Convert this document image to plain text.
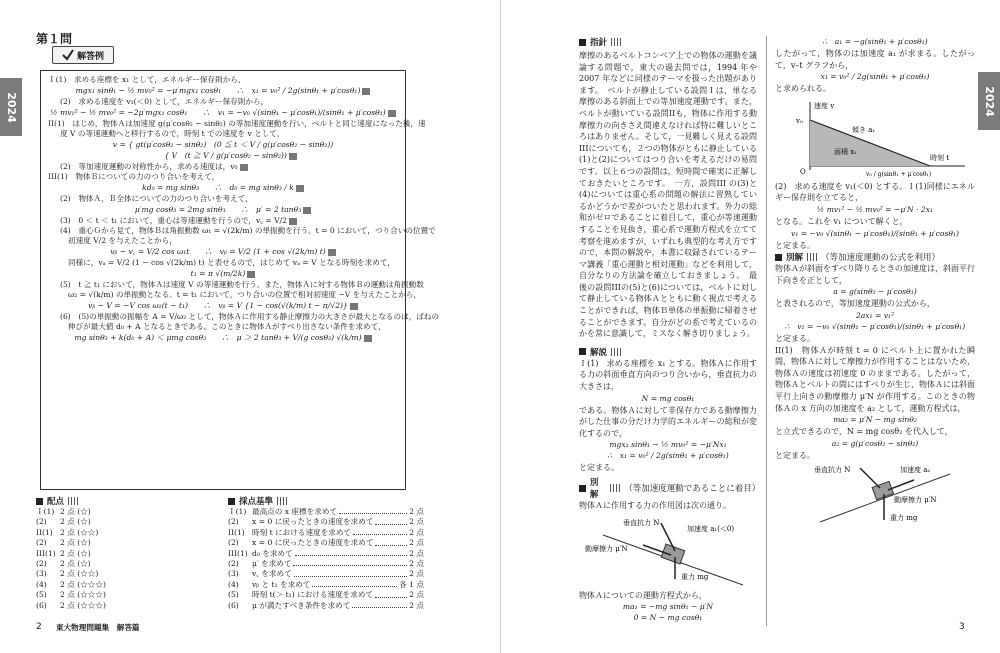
2024
第１問
解答例
Ｉ(1)　求める座標を x₁ として，エネルギー保存則から，
mgx₁ sinθ₁ − ½ mv₀² = −μ′mgx₁ cosθ₁　　∴　x₁ = v₀² / 2g(sinθ₁ + μ′cosθ₁)
(2)　求める速度を v₁(＜0) として，エネルギー保存則から，
½ mv₁² − ½ mv₀² = −2μ′mgx₁ cosθ₁　　∴　v₁ = −v₀ √(sinθ₁ − μ′cosθ₁)/(sinθ₁ + μ′cosθ₁)
II(1)　はじめ，物体Ａは加速度 g(μ′cosθ₂ − sinθ₂) の等加速度運動を行い，ベルトと同じ速度になった後，速
度 V の等速運動へと移行するので，時刻 t での速度を v として，
v = { gt(μ′cosθ₂ − sinθ₂)　(0 ≦ t ＜ V / g(μ′cosθ₂ − sinθ₂))
　　{ V　(t ≧ V / g(μ′cosθ₂ − sinθ₂))
(2)　等加速度運動の対称性から，求める速度は，v₀
III(1)　物体Ｂについての力のつり合いを考えて，
kd₀ = mg sinθ₃　　∴　d₀ = mg sinθ₃ / k
(2)　物体Ａ，Ｂ全体についての力のつり合いを考えて，
μ′mg cosθ₃ = 2mg sinθ₃　　∴　μ′ = 2 tanθ₃
(3)　0 ＜ t ＜ t₁ において，重心は等速運動を行うので，v꜀ = V/2
(4)　重心Ｇから見て，物体Ｂは角振動数 ω₁ = √(2k/m) の単振動を行う。t = 0 において，つり合いの位置で
初速度 V/2 を与えたことから，
vᵦ − v꜀ = V/2 cos ω₁t　　∴　vᵦ = V/2 (1 + cos √(2k/m) t)
同様に，vₐ = V/2 (1 − cos √(2k/m) t) と表せるので，はじめて vₐ = V となる時刻を求めて，
t₁ = π √(m/2k)
(5)　t ≧ t₁ において，物体Ａは速度 V の等速運動を行う。また，物体Ａに対する物体Ｂの運動は角振動数
ω₂ = √(k/m) の単振動となる。t = t₁ において，つり合いの位置で相対初速度 −V を与えたことから，
vᵦ − V = −V cos ω₂(t − t₁)　　∴　vᵦ = V {1 − cos(√(k/m) t − π/√2)}
(6)　(5)の単振動の振幅を A = V/ω₂ として，物体Ａに作用する静止摩擦力の大きさが最大となるのは，ばねの
伸びが最大値 d₀ + A となるときである。このときに物体Ａがすべり出さない条件を求めて，
mg sinθ₃ + k(d₀ + A) ＜ μmg cosθ₃　　∴　μ ＞ 2 tanθ₃ + V/(g cosθ₃) √(k/m)
配点
Ｉ(1) 2 点 (☆)
(2)	2 点 (☆)
II(1) 2 点 (☆☆)
(2)	2 点 (☆)
III(1) 2 点 (☆)
(2)	2 点 (☆)
(3)	2 点 (☆☆)
(4)	2 点 (☆☆☆)
(5)	2 点 (☆☆☆)
(6)	2 点 (☆☆☆)
採点基準
Ｉ(1) 最高点の x 座標を求めて	2 点
(2)	x = 0 に戻ったときの速度を求めて	2 点
II(1) 時刻 t における速度を求めて	2 点
(2)	x = 0 に戻ったときの速度を求めて	2 点
III(1) d₀ を求めて	2 点
(2)	μ′ を求めて	2 点
(3)	v꜀ を求めて	2 点
(4)	vᵦ と t₁ を求めて	各 1 点
(5)	時刻 t(＞ t₁) における速度を求めて	2 点
(6)	μ が満たすべき条件を求めて	2 点
2 東大物理問題集　解答篇
2024
指針

摩擦のあるベルトコンベア上での物体の運動を議論する問題で，東大の過去問では，1994 年や 2007 年などに同様のテーマを扱った出題があります。　ベルトが静止している設問Ｉは，単なる摩擦のある斜面上での等加速度運動です。また，ベルトが動いている設問IIも，物体に作用する動摩擦力の向きさえ間違えなければ特に難しいところはありません。そして，一見難しく見える設問IIIについても，２つの物体がともに静止している(1)と(2)についてはつり合いを考えるだけの易問です。以上６つの設問は，短時間で確実に正解しておきたいところです。　一方，設問III の(3)と(4)については重心系の問題の解法に習熟しているかどうかで差がついたと思われます。外力の総和がゼロであることに着目して，重心が等速運動することを見抜き，重心系で運動方程式を立てて考察を進めますが，いずれも典型的な考え方ですので，本問の解説や，本書に収録されているテーマ講義「重心運動と相対運動」などを利用して，自分なりの方法論を確立しておきましょう。　最後の設問IIIの(5)と(6)については，ベルトに対して静止している物体Ａとともに動く視点で考えることができれば，物体Ｂ単体の単振動に帰着させることができます。自分がどの系で考えているのかを常に意識して，ミスなく解き切りましょう。

解説

Ｉ(1)　求める座標を x₁ とする。物体Ａに作用する力の斜面垂直方向のつり合いから，垂直抗力の大きさは，

N = mg cosθ₁

である。物体Ａに対して非保存力である動摩擦力がした仕事の分だけ力学的エネルギーの総和が変化するので，

mgx₁ sinθ₁ − ½ mv₀² = −μ′Nx₁
∴　x₁ = v₀² / 2g(sinθ₁ + μ′cosθ₁)

と定まる。

別解
（等加速度運動であることに着目）

物体Ａに作用する力の作用図は次の通り。

垂直抗力 N
加速度 a₁(＜0)
動摩擦力 μ′N
重力 mg

物体Ａについての運動方程式から，

ma₁ = −mg sinθ₁ − μ′N
0 = N − mg cosθ₁
∴　a₁ = −g(sinθ₁ + μ′cosθ₁)

したがって，物体のは加速度 a₁ が求まる。したがって，v–t グラフから，

x₁ = v₀² / 2g(sinθ₁ + μ′cosθ₁)

と求められる。

速度 v
v₀
傾き a₁
面積 x₁
O
時刻 t
v₀ / g(sinθ₁ + μ′cosθ₁)

(2)　求める速度を v₁(＜0) とする。Ｉ(1)同様にエネルギー保存則を立てると，

½ mv₁² − ½ mv₀² = −μ′N · 2x₁

となる。これを v₁ について解くと，

v₁ = −v₀ √(sinθ₁ − μ′cosθ₁)/(sinθ₁ + μ′cosθ₁)

と定まる。

別解 （等加速度運動の公式を利用）

物体Ａが斜面をすべり降りるときの加速度は，斜面平行下向きを正として，

a = g(sinθ₁ − μ′cosθ₁)

と表されるので，等加速度運動の公式から，

2ax₁ = v₁²
∴　v₁ = −v₀ √(sinθ₁ − μ′cosθ₁)/(sinθ₁ + μ′cosθ₁)

と定まる。

II(1)　物体Ａが時刻 t = 0 にベルト上に置かれた瞬間，物体Ａに対して摩擦力が作用することはないため，物体Ａの速度は初速度 0 のままである。したがって，物体Ａとベルトの間にはすべりが生じ，物体Ａには斜面平行上向きの動摩擦力 μ′N が作用する。このときの物体Ａの x 方向の加速度を a₂ として，運動方程式は，

ma₂ = μ′N − mg sinθ₂

と立式できるので，N = mg cosθ₂ を代入して，

a₂ = g(μ′cosθ₂ − sinθ₂)

と定まる。

垂直抗力 N	加速度 a₂
動摩擦力 μ′N
重力 mg
3
